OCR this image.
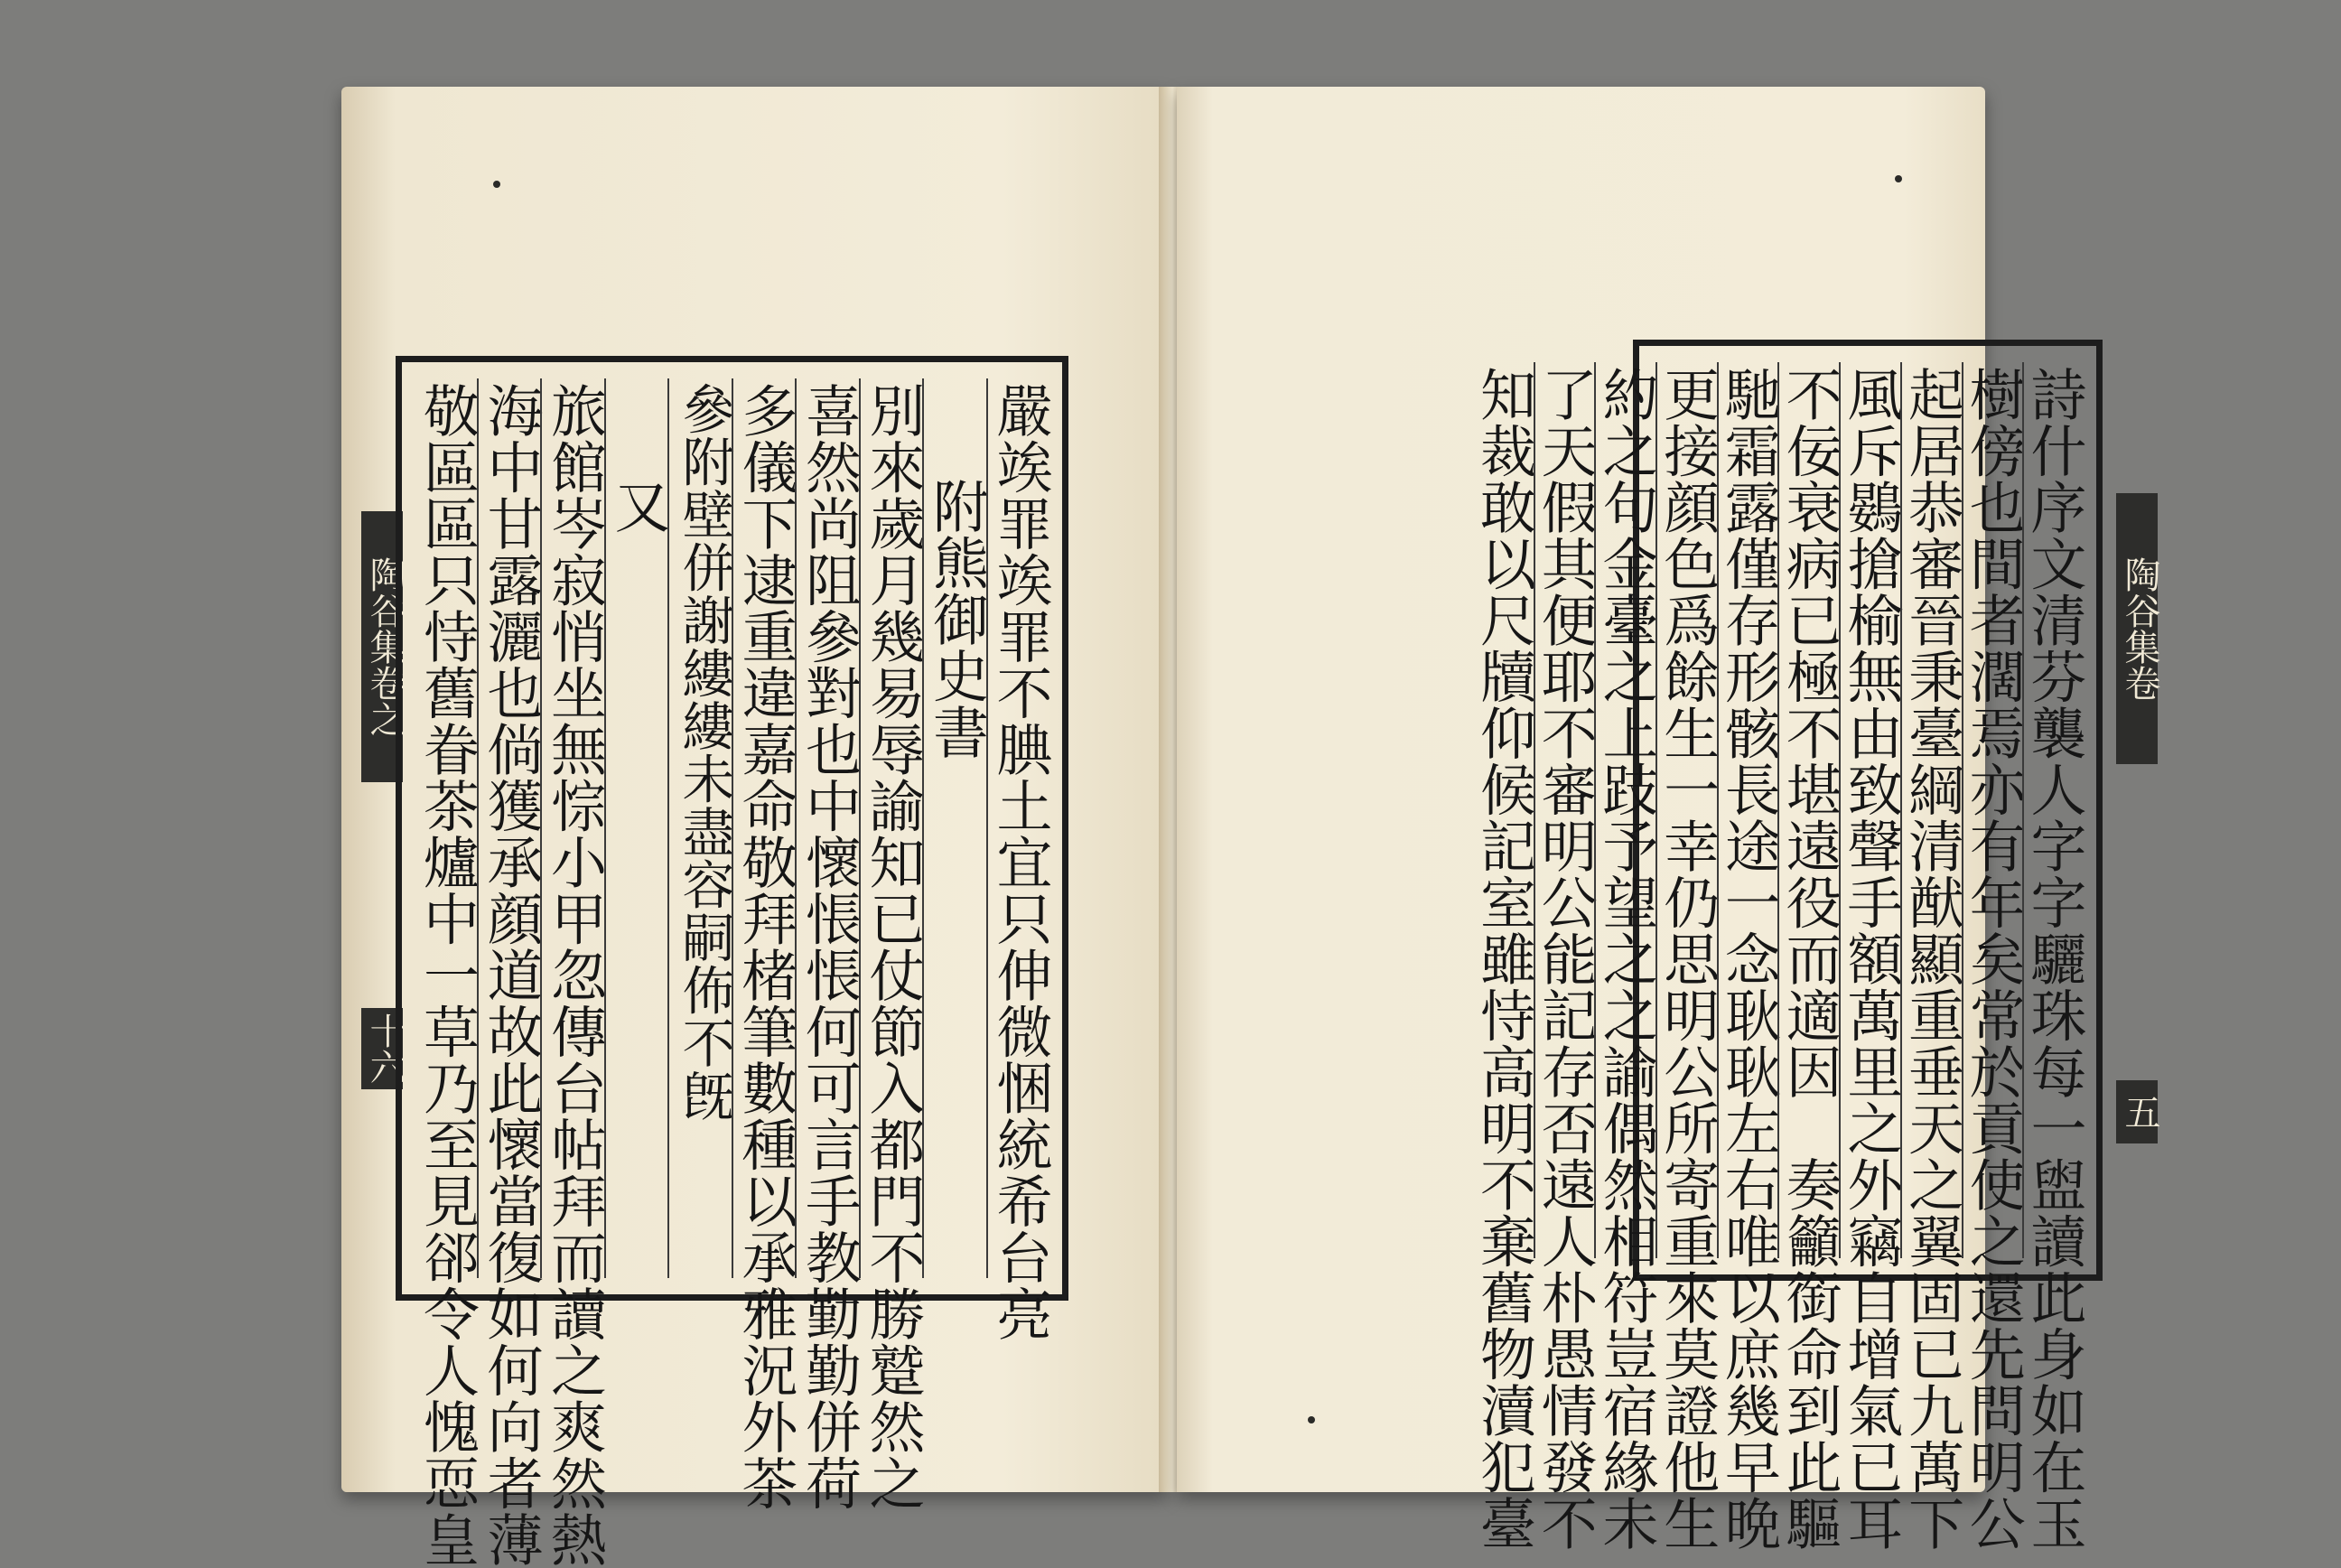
陶谷集卷之
十六	嚴竢罪竢罪不腆土宜只伸微悃統希台亮
附熊御史書
別來歲月幾易辱諭知已仗節入都門不勝蹵然之
喜然尚阻參對也中懷悵悵何可言手教勤勤併荷
多儀下逮重違嘉命敬拜楮筆數種以承雅況外茶
參附壁併謝縷縷未盡容嗣佈不旣
又
旅館岑寂悄坐無悰小甲忽傳台帖拜而讀之爽然熱
海中甘露灑也倘獲承顔道故此懷當復如何向者薄
敬區區只恃舊眷茶爐中一草乃至見郤令人愧恧皇	詩什序文清芬襲人字字驪珠每一盥讀此身如在玉
樹傍也間者濶焉亦有年矣常於貢使之還先問明公
起居恭審晉秉臺綱清猷顯重垂天之翼固已九萬下
風斥鷃搶榆無由致聲手額萬里之外竊自增氣已耳
不佞衰病已極不堪遠役而適因　奏籲銜命到此驅
馳霜露僅存形骸長途一念耿耿左右唯以庶幾早晩
更接顔色爲餘生一幸仍思明公所寄重來莫證他生
約之句金臺之上跂予望之之諭偶然相符豈宿緣未
了天假其便耶不審明公能記存否遠人朴愚情發不
知裁敢以尺牘仰候記室雖恃高明不棄舊物瀆犯臺	陶谷集卷
五
